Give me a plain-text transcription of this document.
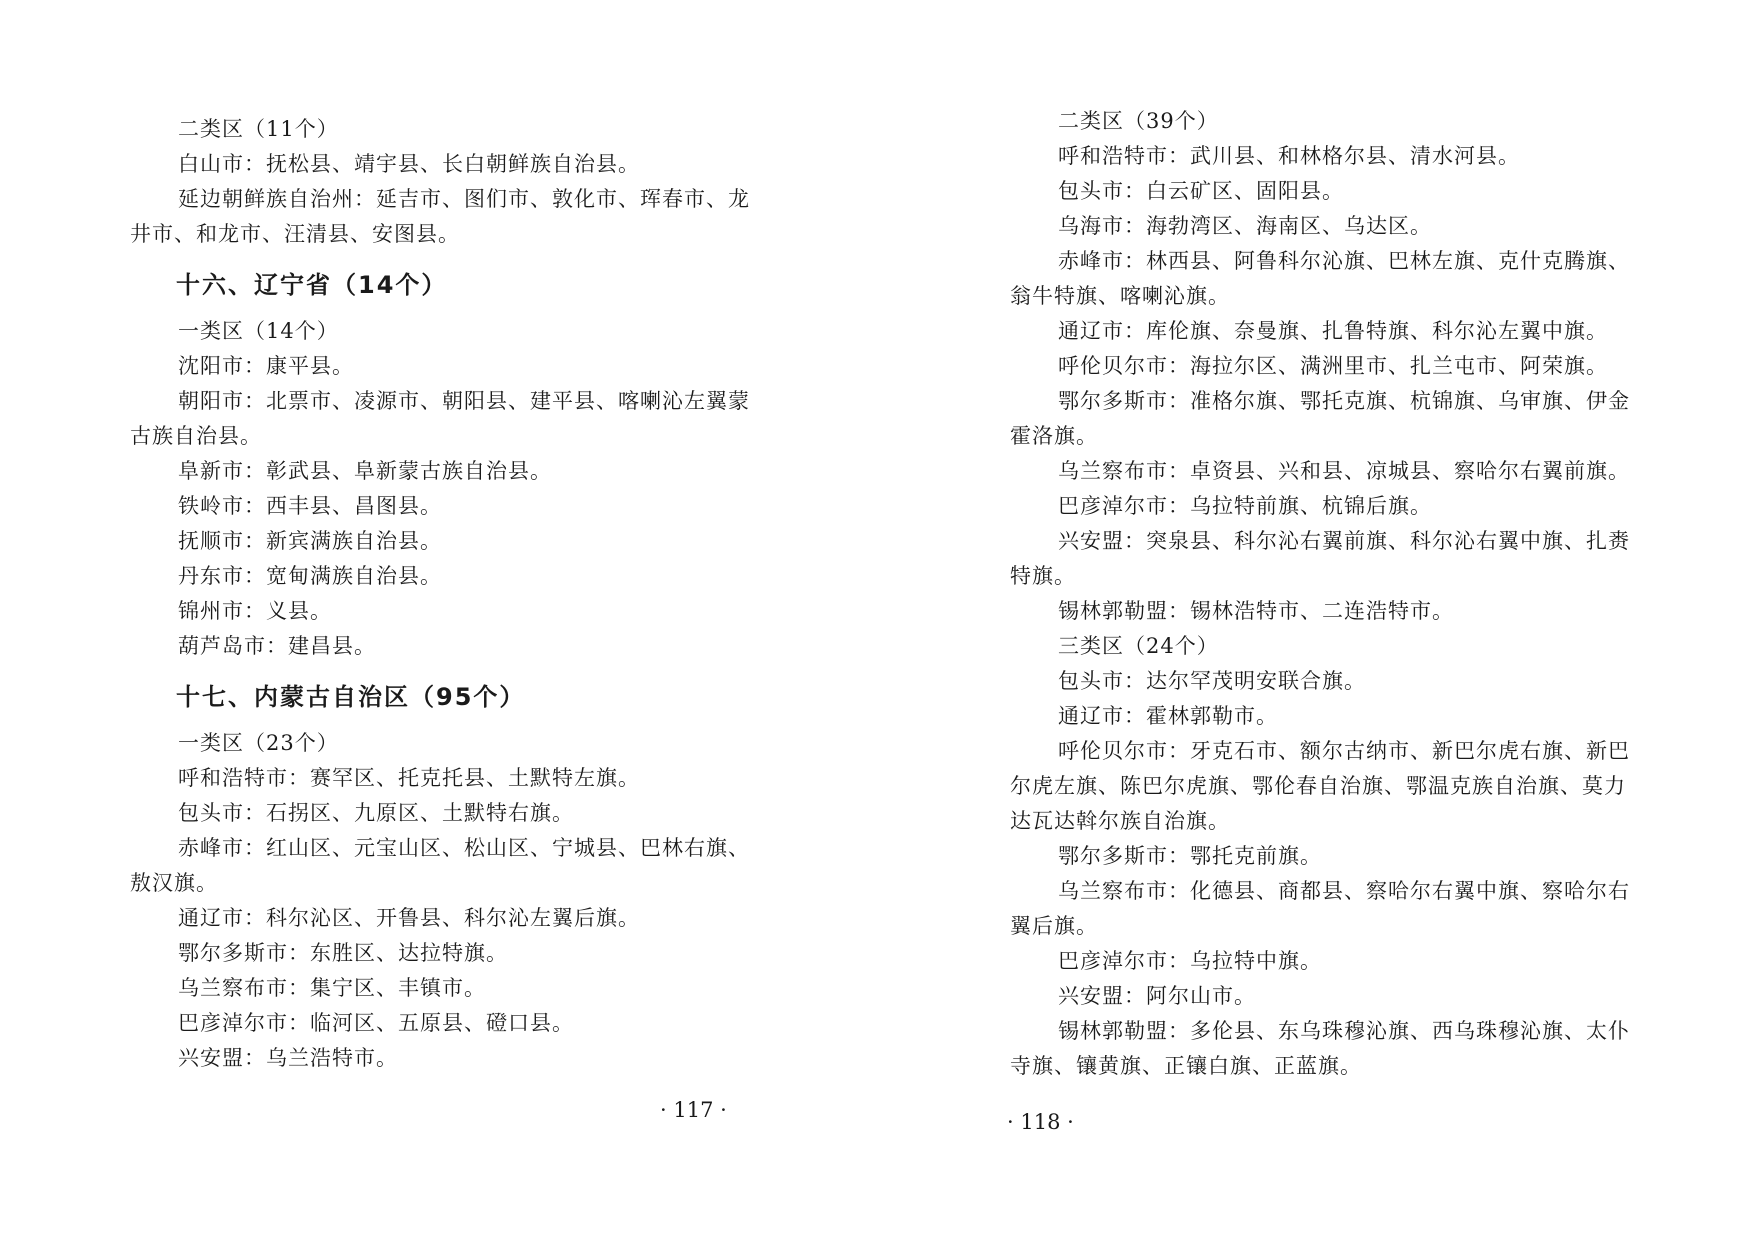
二类区（11个）
白山市：抚松县、靖宇县、长白朝鲜族自治县。
延边朝鲜族自治州：延吉市、图们市、敦化市、珲春市、龙
井市、和龙市、汪清县、安图县。
十六、辽宁省（14个）
一类区（14个）
沈阳市：康平县。
朝阳市：北票市、凌源市、朝阳县、建平县、喀喇沁左翼蒙
古族自治县。
阜新市：彰武县、阜新蒙古族自治县。
铁岭市：西丰县、昌图县。
抚顺市：新宾满族自治县。
丹东市：宽甸满族自治县。
锦州市：义县。
葫芦岛市：建昌县。
十七、内蒙古自治区（95个）
一类区（23个）
呼和浩特市：赛罕区、托克托县、土默特左旗。
包头市：石拐区、九原区、土默特右旗。
赤峰市：红山区、元宝山区、松山区、宁城县、巴林右旗、
敖汉旗。
通辽市：科尔沁区、开鲁县、科尔沁左翼后旗。
鄂尔多斯市：东胜区、达拉特旗。
乌兰察布市：集宁区、丰镇市。
巴彦淖尔市：临河区、五原县、磴口县。
兴安盟：乌兰浩特市。
· 117 ·
二类区（39个）
呼和浩特市：武川县、和林格尔县、清水河县。
包头市：白云矿区、固阳县。
乌海市：海勃湾区、海南区、乌达区。
赤峰市：林西县、阿鲁科尔沁旗、巴林左旗、克什克腾旗、
翁牛特旗、喀喇沁旗。
通辽市：库伦旗、奈曼旗、扎鲁特旗、科尔沁左翼中旗。
呼伦贝尔市：海拉尔区、满洲里市、扎兰屯市、阿荣旗。
鄂尔多斯市：准格尔旗、鄂托克旗、杭锦旗、乌审旗、伊金
霍洛旗。
乌兰察布市：卓资县、兴和县、凉城县、察哈尔右翼前旗。
巴彦淖尔市：乌拉特前旗、杭锦后旗。
兴安盟：突泉县、科尔沁右翼前旗、科尔沁右翼中旗、扎赉
特旗。
锡林郭勒盟：锡林浩特市、二连浩特市。
三类区（24个）
包头市：达尔罕茂明安联合旗。
通辽市：霍林郭勒市。
呼伦贝尔市：牙克石市、额尔古纳市、新巴尔虎右旗、新巴
尔虎左旗、陈巴尔虎旗、鄂伦春自治旗、鄂温克族自治旗、莫力
达瓦达斡尔族自治旗。
鄂尔多斯市：鄂托克前旗。
乌兰察布市：化德县、商都县、察哈尔右翼中旗、察哈尔右
翼后旗。
巴彦淖尔市：乌拉特中旗。
兴安盟：阿尔山市。
锡林郭勒盟：多伦县、东乌珠穆沁旗、西乌珠穆沁旗、太仆
寺旗、镶黄旗、正镶白旗、正蓝旗。
· 118 ·
